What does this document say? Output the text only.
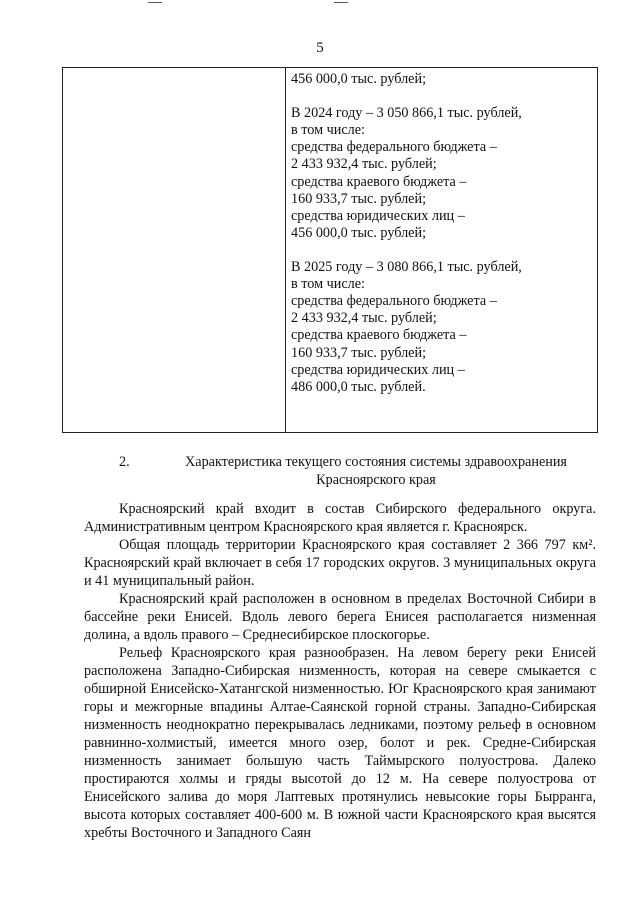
5
456 000,0 тыс. рублей;
В 2024 году – 3 050 866,1 тыс. рублей,
в том числе:
средства федерального бюджета –
2 433 932,4 тыс. рублей;
средства краевого бюджета –
160 933,7 тыс. рублей;
средства юридических лиц –
456 000,0 тыс. рублей;
В 2025 году – 3 080 866,1 тыс. рублей,
в том числе:
средства федерального бюджета –
2 433 932,4 тыс. рублей;
средства краевого бюджета –
160 933,7 тыс. рублей;
средства юридических лиц –
486 000,0 тыс. рублей.
2.	Характеристика текущего состояния системы здравоохранения
Красноярского края

Красноярский край входит в состав Сибирского федерального округа. Административным центром Красноярского края является г. Красноярск.

Общая площадь территории Красноярского края составляет 2 366 797 км². Красноярский край включает в себя 17 городских округов. 3 муниципальных округа и 41 муниципальный район.

Красноярский край расположен в основном в пределах Восточной Сибири в бассейне реки Енисей. Вдоль левого берега Енисея располагается низменная долина, а вдоль правого – Среднесибирское плоскогорье.

Рельеф Красноярского края разнообразен. На левом берегу реки Енисей расположена Западно-Сибирская низменность, которая на севере смыкается с обширной Енисейско-Хатангской низменностью. Юг Красноярского края занимают горы и межгорные впадины Алтае-Саянской горной страны. Западно-Сибирская низменность неоднократно перекрывалась ледниками, поэтому рельеф в основном равнинно-холмистый, имеется много озер, болот и рек. Средне-Сибирская низменность занимает большую часть Таймырского полуострова. Далеко простираются холмы и гряды высотой до 12 м. На севере полуострова от Енисейского залива до моря Лаптевых протянулись невысокие горы Бырранга, высота которых составляет 400-600 м. В южной части Красноярского края высятся хребты Восточного и Западного Саян
